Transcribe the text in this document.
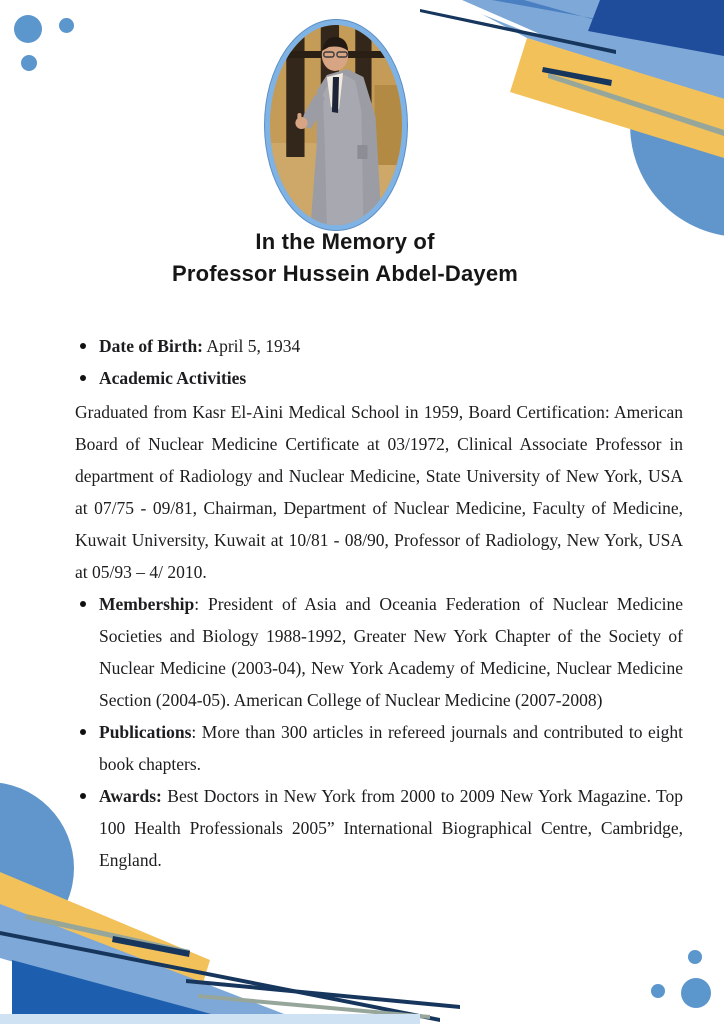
In the Memory of
Professor Hussein Abdel-Dayem
Date of Birth: April 5, 1934
Academic Activities

Graduated from Kasr El-Aini Medical School in 1959, Board Certification: American Board of Nuclear Medicine Certificate at 03/1972, Clinical Associate Professor in department of Radiology and Nuclear Medicine, State University of New York, USA at 07/75 - 09/81, Chairman, Department of Nuclear Medicine, Faculty of Medicine, Kuwait University, Kuwait at 10/81 - 08/90, Professor of Radiology, New York, USA at 05/93 – 4/ 2010.

Membership: President of Asia and Oceania Federation of Nuclear Medicine Societies and Biology 1988-1992, Greater New York Chapter of the Society of Nuclear Medicine (2003-04), New York Academy of Medicine, Nuclear Medicine Section (2004-05). American College of Nuclear Medicine (2007-2008)
Publications: More than 300 articles in refereed journals and contributed to eight book chapters.
Awards: Best Doctors in New York from 2000 to 2009 New York Magazine. Top 100 Health Professionals 2005” International Biographical Centre, Cambridge, England.
